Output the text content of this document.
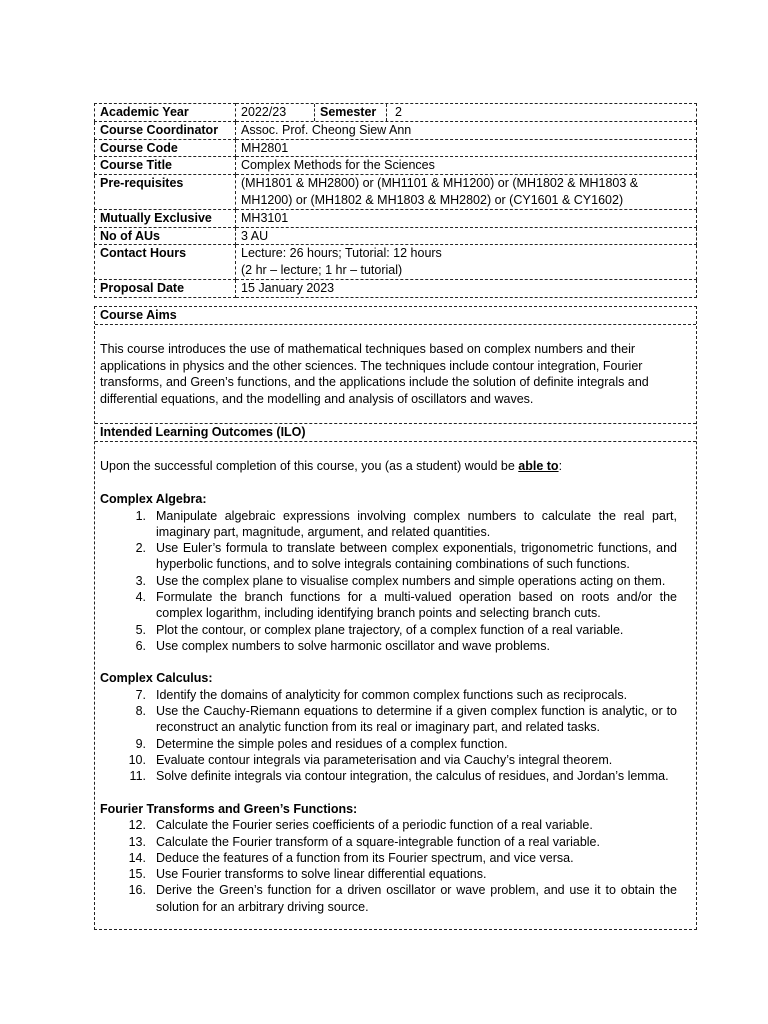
Academic Year	2022/23 Semester 2

Course Coordinator	Assoc. Prof. Cheong Siew Ann
Course Code	MH2801
Course Title	Complex Methods for the Sciences
Pre-requisites	(MH1801 & MH2800) or (MH1101 & MH1200) or (MH1802 & MH1803 & MH1200) or (MH1802 & MH1803 & MH2802) or (CY1601 & CY1602)
Mutually Exclusive	MH3101
No of AUs	3 AU
Contact Hours	Lecture: 26 hours; Tutorial: 12 hours
(2 hr – lecture; 1 hr – tutorial)

Proposal Date	15 January 2023
Course Aims
This course introduces the use of mathematical techniques based on complex numbers and their applications in physics and the other sciences. The techniques include contour integration, Fourier transforms, and Green’s functions, and the applications include the solution of definite integrals and differential equations, and the modelling and analysis of oscillators and waves.
Intended Learning Outcomes (ILO)
Upon the successful completion of this course, you (as a student) would be able to:
Complex Algebra:
1. Manipulate algebraic expressions involving complex numbers to calculate the real part, imaginary part, magnitude, argument, and related quantities.
2. Use Euler’s formula to translate between complex exponentials, trigonometric functions, and hyperbolic functions, and to solve integrals containing combinations of such functions.
3. Use the complex plane to visualise complex numbers and simple operations acting on them.
4. Formulate the branch functions for a multi-valued operation based on roots and/or the complex logarithm, including identifying branch points and selecting branch cuts.
5. Plot the contour, or complex plane trajectory, of a complex function of a real variable.
6. Use complex numbers to solve harmonic oscillator and wave problems.
Complex Calculus:
7. Identify the domains of analyticity for common complex functions such as reciprocals.
8. Use the Cauchy-Riemann equations to determine if a given complex function is analytic, or to reconstruct an analytic function from its real or imaginary part, and related tasks.
9. Determine the simple poles and residues of a complex function.
10. Evaluate contour integrals via parameterisation and via Cauchy’s integral theorem.
11. Solve definite integrals via contour integration, the calculus of residues, and Jordan’s lemma.
Fourier Transforms and Green’s Functions:
12. Calculate the Fourier series coefficients of a periodic function of a real variable.
13. Calculate the Fourier transform of a square-integrable function of a real variable.
14. Deduce the features of a function from its Fourier spectrum, and vice versa.
15. Use Fourier transforms to solve linear differential equations.
16. Derive the Green’s function for a driven oscillator or wave problem, and use it to obtain the solution for an arbitrary driving source.
